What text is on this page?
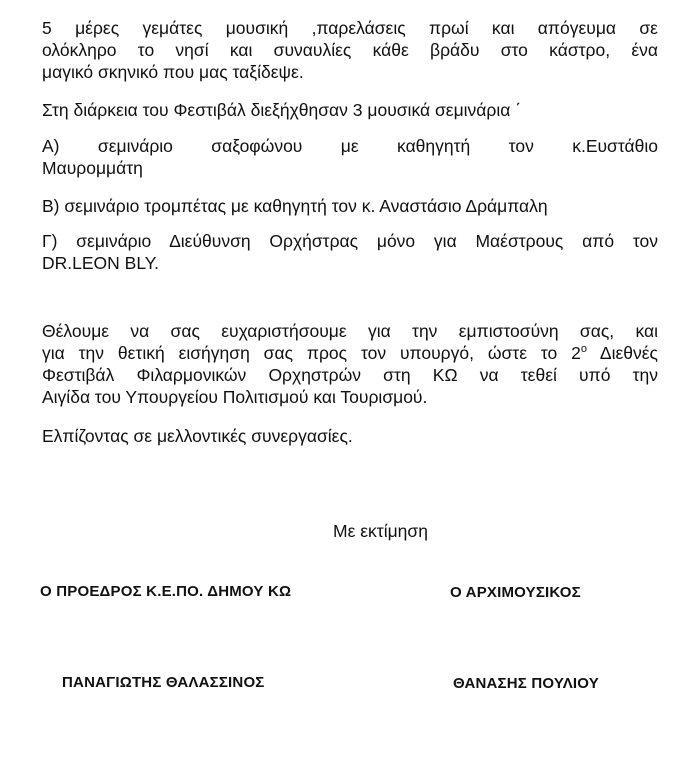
5 μέρες γεμάτες μουσική ,παρελάσεις πρωί και απόγευμα σε
ολόκληρο το νησί και συναυλίες κάθε βράδυ στο κάστρο, ένα
μαγικό σκηνικό που μας ταξίδεψε.

Στη διάρκεια του Φεστιβάλ διεξήχθησαν 3 μουσικά σεμινάρια ΄

Α) σεμινάριο σαξοφώνου με καθηγητή τον κ.Ευστάθιο
Μαυρομμάτη

Β) σεμινάριο τρομπέτας με καθηγητή τον κ. Αναστάσιο Δράμπαλη

Γ) σεμινάριο Διεύθυνση Ορχήστρας μόνο για Μαέστρους από τον
DR.LEON BLY.

Θέλουμε να σας ευχαριστήσουμε για την εμπιστοσύνη σας, και
για την θετική εισήγηση σας προς τον υπουργό, ώστε το $2^o$ Διεθνές
Φεστιβάλ Φιλαρμονικών Ορχηστρών στη ΚΩ να τεθεί υπό την
Αιγίδα του Υπουργείου Πολιτισμού και Τουρισμού.

Ελπίζοντας σε μελλοντικές συνεργασίες.

Με εκτίμηση
Ο ΠΡΟΕΔΡΟΣ Κ.Ε.ΠΟ. ΔΗΜΟΥ ΚΩ	Ο ΑΡΧΙΜΟΥΣΙΚΟΣ
ΠΑΝΑΓΙΩΤΗΣ ΘΑΛΑΣΣΙΝΟΣ	ΘΑΝΑΣΗΣ ΠΟΥΛΙΟΥ
